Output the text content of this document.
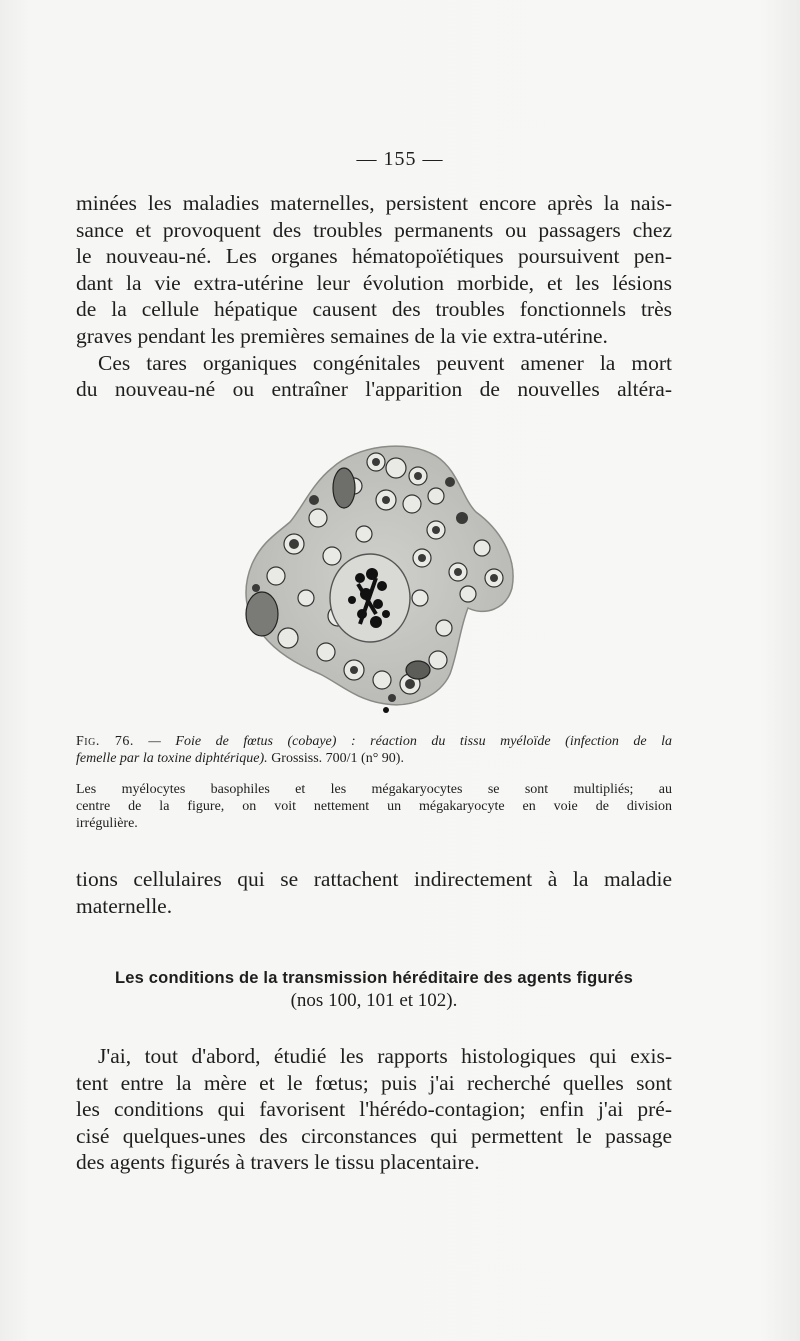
— 155 —

minées les maladies maternelles, persistent encore après la nais-
sance et provoquent des troubles permanents ou passagers chez
le nouveau-né. Les organes hématopoïétiques poursuivent pen-
dant la vie extra-utérine leur évolution morbide, et les lésions
de la cellule hépatique causent des troubles fonctionnels très
graves pendant les premières semaines de la vie extra-utérine.
Ces tares organiques congénitales peuvent amener la mort
du nouveau-né ou entraîner l'apparition de nouvelles altéra-

Fig. 76. — Foie de fœtus (cobaye) : réaction du tissu myéloïde (infection de la
femelle par la toxine diphtérique). Grossiss. 700/1 (n° 90).

Les myélocytes basophiles et les mégakaryocytes se sont multipliés; au
centre de la figure, on voit nettement un mégakaryocyte en voie de division
irrégulière.

tions cellulaires qui se rattachent indirectement à la maladie
maternelle.

Les conditions de la transmission héréditaire des agents figurés
(nos 100, 101 et 102).

J'ai, tout d'abord, étudié les rapports histologiques qui exis-
tent entre la mère et le fœtus; puis j'ai recherché quelles sont
les conditions qui favorisent l'hérédo-contagion; enfin j'ai pré-
cisé quelques-unes des circonstances qui permettent le passage
des agents figurés à travers le tissu placentaire.
